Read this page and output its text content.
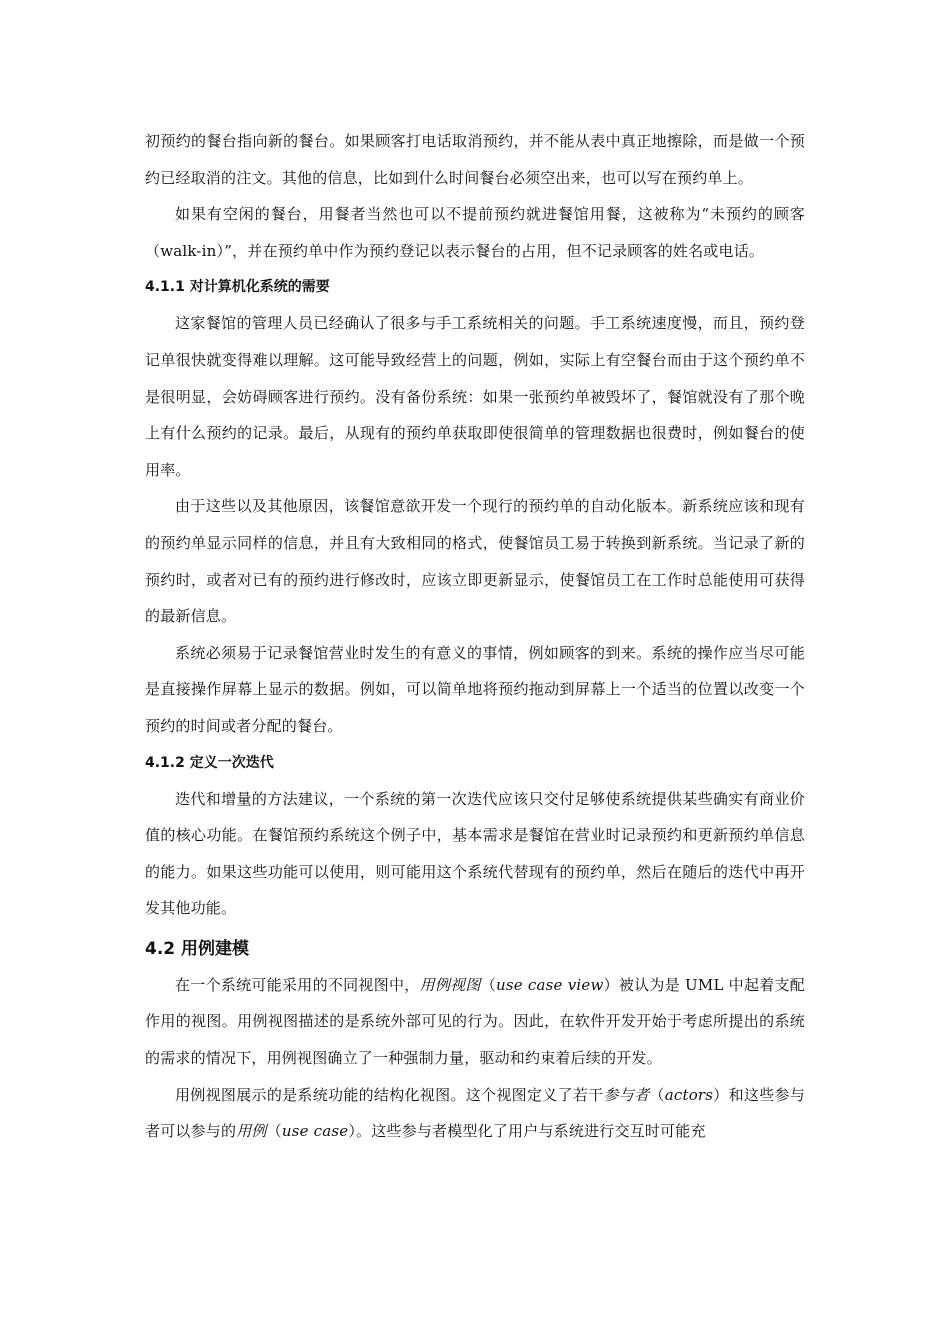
初预约的餐台指向新的餐台。如果顾客打电话取消预约，并不能从表中真正地擦除，而是做一个预约已经取消的注文。其他的信息，比如到什么时间餐台必须空出来，也可以写在预约单上。

如果有空闲的餐台，用餐者当然也可以不提前预约就进餐馆用餐，这被称为“未预约的顾客（walk-in）”，并在预约单中作为预约登记以表示餐台的占用，但不记录顾客的姓名或电话。

4.1.1 对计算机化系统的需要

这家餐馆的管理人员已经确认了很多与手工系统相关的问题。手工系统速度慢，而且，预约登记单很快就变得难以理解。这可能导致经营上的问题，例如，实际上有空餐台而由于这个预约单不是很明显，会妨碍顾客进行预约。没有备份系统：如果一张预约单被毁坏了，餐馆就没有了那个晚上有什么预约的记录。最后，从现有的预约单获取即使很简单的管理数据也很费时，例如餐台的使用率。

由于这些以及其他原因，该餐馆意欲开发一个现行的预约单的自动化版本。新系统应该和现有的预约单显示同样的信息，并且有大致相同的格式，使餐馆员工易于转换到新系统。当记录了新的预约时，或者对已有的预约进行修改时，应该立即更新显示，使餐馆员工在工作时总能使用可获得的最新信息。

系统必须易于记录餐馆营业时发生的有意义的事情，例如顾客的到来。系统的操作应当尽可能是直接操作屏幕上显示的数据。例如，可以简单地将预约拖动到屏幕上一个适当的位置以改变一个预约的时间或者分配的餐台。

4.1.2 定义一次迭代

迭代和增量的方法建议，一个系统的第一次迭代应该只交付足够使系统提供某些确实有商业价值的核心功能。在餐馆预约系统这个例子中，基本需求是餐馆在营业时记录预约和更新预约单信息的能力。如果这些功能可以使用，则可能用这个系统代替现有的预约单，然后在随后的迭代中再开发其他功能。

4.2 用例建模

在一个系统可能采用的不同视图中，用例视图（use case view）被认为是 UML 中起着支配作用的视图。用例视图描述的是系统外部可见的行为。因此，在软件开发开始于考虑所提出的系统的需求的情况下，用例视图确立了一种强制力量，驱动和约束着后续的开发。

用例视图展示的是系统功能的结构化视图。这个视图定义了若干参与者（actors）和这些参与者可以参与的用例（use case）。这些参与者模型化了用户与系统进行交互时可能充
